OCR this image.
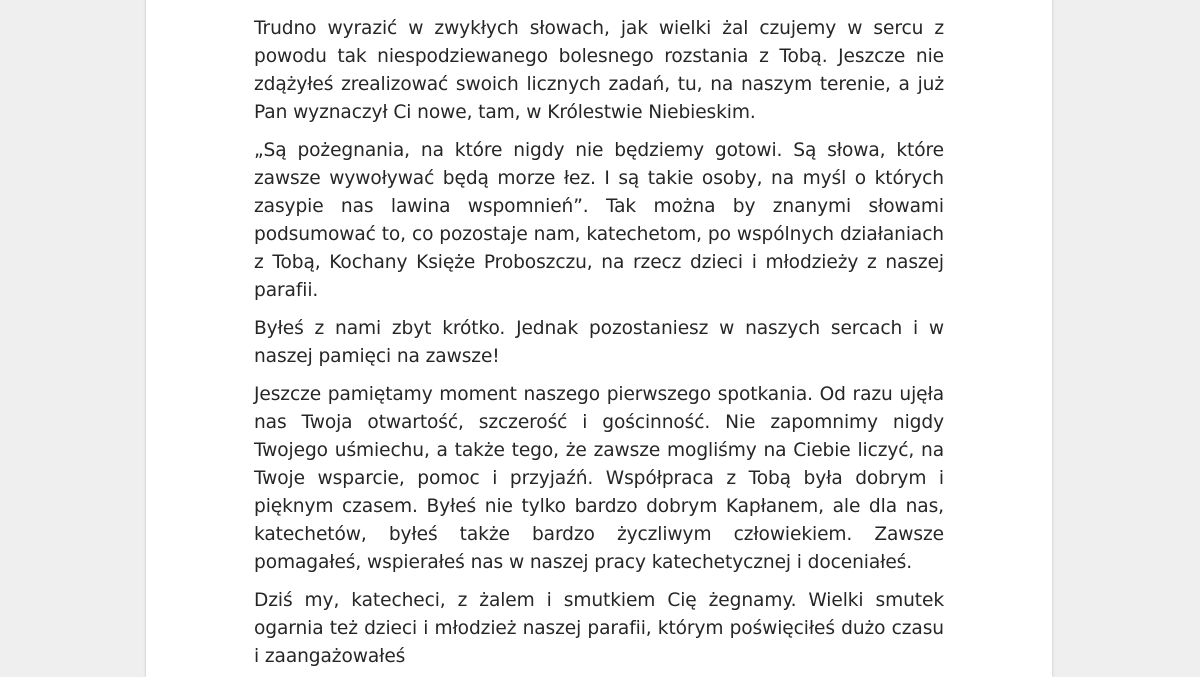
Trudno wyrazić w zwykłych słowach, jak wielki żal czujemy w sercu z powodu tak niespodziewanego bolesnego rozstania z Tobą. Jeszcze nie zdążyłeś zrealizować swoich licznych zadań, tu, na naszym terenie, a już Pan wyznaczył Ci nowe, tam, w Królestwie Niebieskim.

„Są pożegnania, na które nigdy nie będziemy gotowi. Są słowa, które zawsze wywoływać będą morze łez. I są takie osoby, na myśl o których zasypie nas lawina wspomnień”. Tak można by znanymi słowami podsumować to, co pozostaje nam, katechetom, po wspólnych działaniach z Tobą, Kochany Księże Proboszczu, na rzecz dzieci i młodzieży z naszej parafii.

Byłeś z nami zbyt krótko. Jednak pozostaniesz w naszych sercach i w naszej pamięci na zawsze!

Jeszcze pamiętamy moment naszego pierwszego spotkania. Od razu ujęła nas Twoja otwartość, szczerość i gościnność. Nie zapomnimy nigdy Twojego uśmiechu, a także tego, że zawsze mogliśmy na Ciebie liczyć, na Twoje wsparcie, pomoc i przyjaźń. Współpraca z Tobą była dobrym i pięknym czasem. Byłeś nie tylko bardzo dobrym Kapłanem, ale dla nas, katechetów, byłeś także bardzo życzliwym człowiekiem. Zawsze pomagałeś, wspierałeś nas w naszej pracy katechetycznej i doceniałeś.

Dziś my, katecheci, z żalem i smutkiem Cię żegnamy. Wielki smutek ogarnia też dzieci i młodzież naszej parafii, którym poświęciłeś dużo czasu i zaangażowałeś
